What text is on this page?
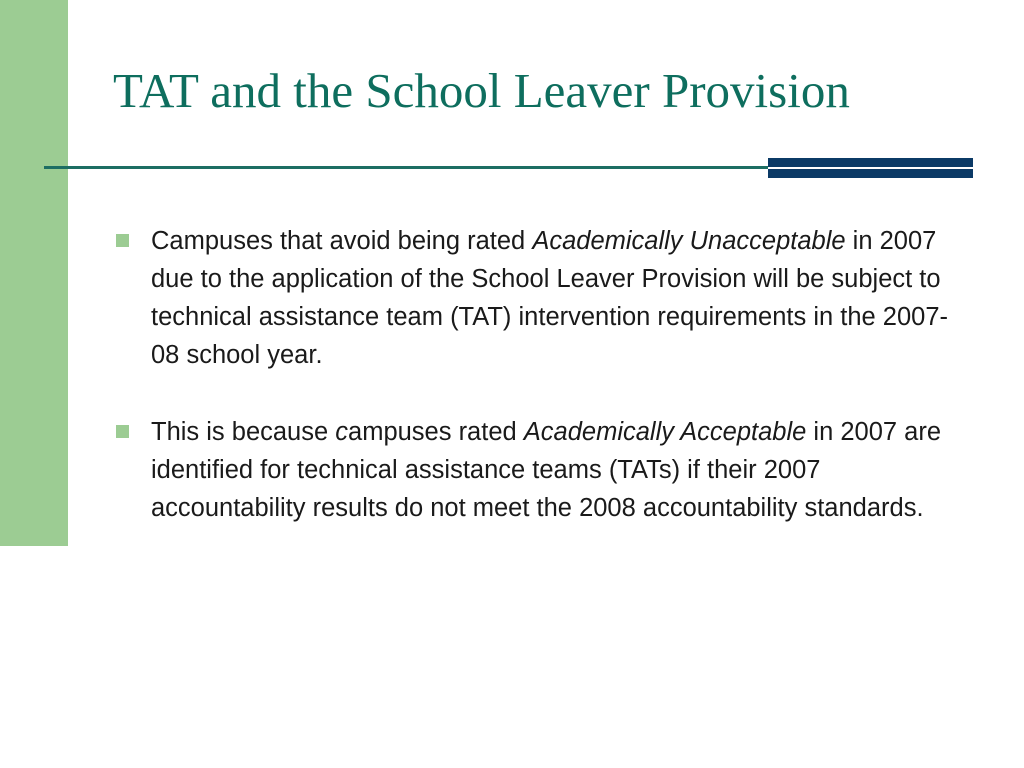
TAT and the School Leaver Provision
Campuses that avoid being rated Academically Unacceptable in 2007 due to the application of the School Leaver Provision will be subject to technical assistance team (TAT) intervention requirements in the 2007-08 school year.
This is because campuses rated Academically Acceptable in 2007 are identified for technical assistance teams (TATs) if their 2007 accountability results do not meet the 2008 accountability standards.
